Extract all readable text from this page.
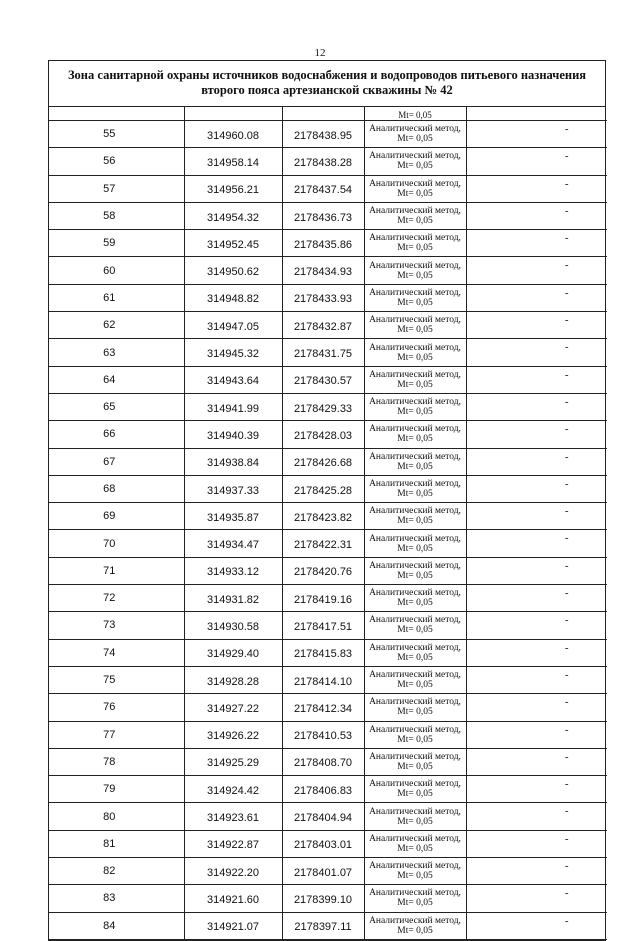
12
Зона санитарной охраны источников водоснабжения и водопроводов питьевого назначения второго пояса артезианской скважины № 42
			Mt= 0,05	
55	314960.08	2178438.95	Аналитический метод,
Mt= 0,05	-
56	314958.14	2178438.28	Аналитический метод,
Mt= 0,05	-
57	314956.21	2178437.54	Аналитический метод,
Mt= 0,05	-
58	314954.32	2178436.73	Аналитический метод,
Mt= 0,05	-
59	314952.45	2178435.86	Аналитический метод,
Mt= 0,05	-
60	314950.62	2178434.93	Аналитический метод,
Mt= 0,05	-
61	314948.82	2178433.93	Аналитический метод,
Mt= 0,05	-
62	314947.05	2178432.87	Аналитический метод,
Mt= 0,05	-
63	314945.32	2178431.75	Аналитический метод,
Mt= 0,05	-
64	314943.64	2178430.57	Аналитический метод,
Mt= 0,05	-
65	314941.99	2178429.33	Аналитический метод,
Mt= 0,05	-
66	314940.39	2178428.03	Аналитический метод,
Mt= 0,05	-
67	314938.84	2178426.68	Аналитический метод,
Mt= 0,05	-
68	314937.33	2178425.28	Аналитический метод,
Mt= 0,05	-
69	314935.87	2178423.82	Аналитический метод,
Mt= 0,05	-
70	314934.47	2178422.31	Аналитический метод,
Mt= 0,05	-
71	314933.12	2178420.76	Аналитический метод,
Mt= 0,05	-
72	314931.82	2178419.16	Аналитический метод,
Mt= 0,05	-
73	314930.58	2178417.51	Аналитический метод,
Mt= 0,05	-
74	314929.40	2178415.83	Аналитический метод,
Mt= 0,05	-
75	314928.28	2178414.10	Аналитический метод,
Mt= 0,05	-
76	314927.22	2178412.34	Аналитический метод,
Mt= 0,05	-
77	314926.22	2178410.53	Аналитический метод,
Mt= 0,05	-
78	314925.29	2178408.70	Аналитический метод,
Mt= 0,05	-
79	314924.42	2178406.83	Аналитический метод,
Mt= 0,05	-
80	314923.61	2178404.94	Аналитический метод,
Mt= 0,05	-
81	314922.87	2178403.01	Аналитический метод,
Mt= 0,05	-
82	314922.20	2178401.07	Аналитический метод,
Mt= 0,05	-
83	314921.60	2178399.10	Аналитический метод,
Mt= 0,05	-
84	314921.07	2178397.11	Аналитический метод,
Mt= 0,05	-
